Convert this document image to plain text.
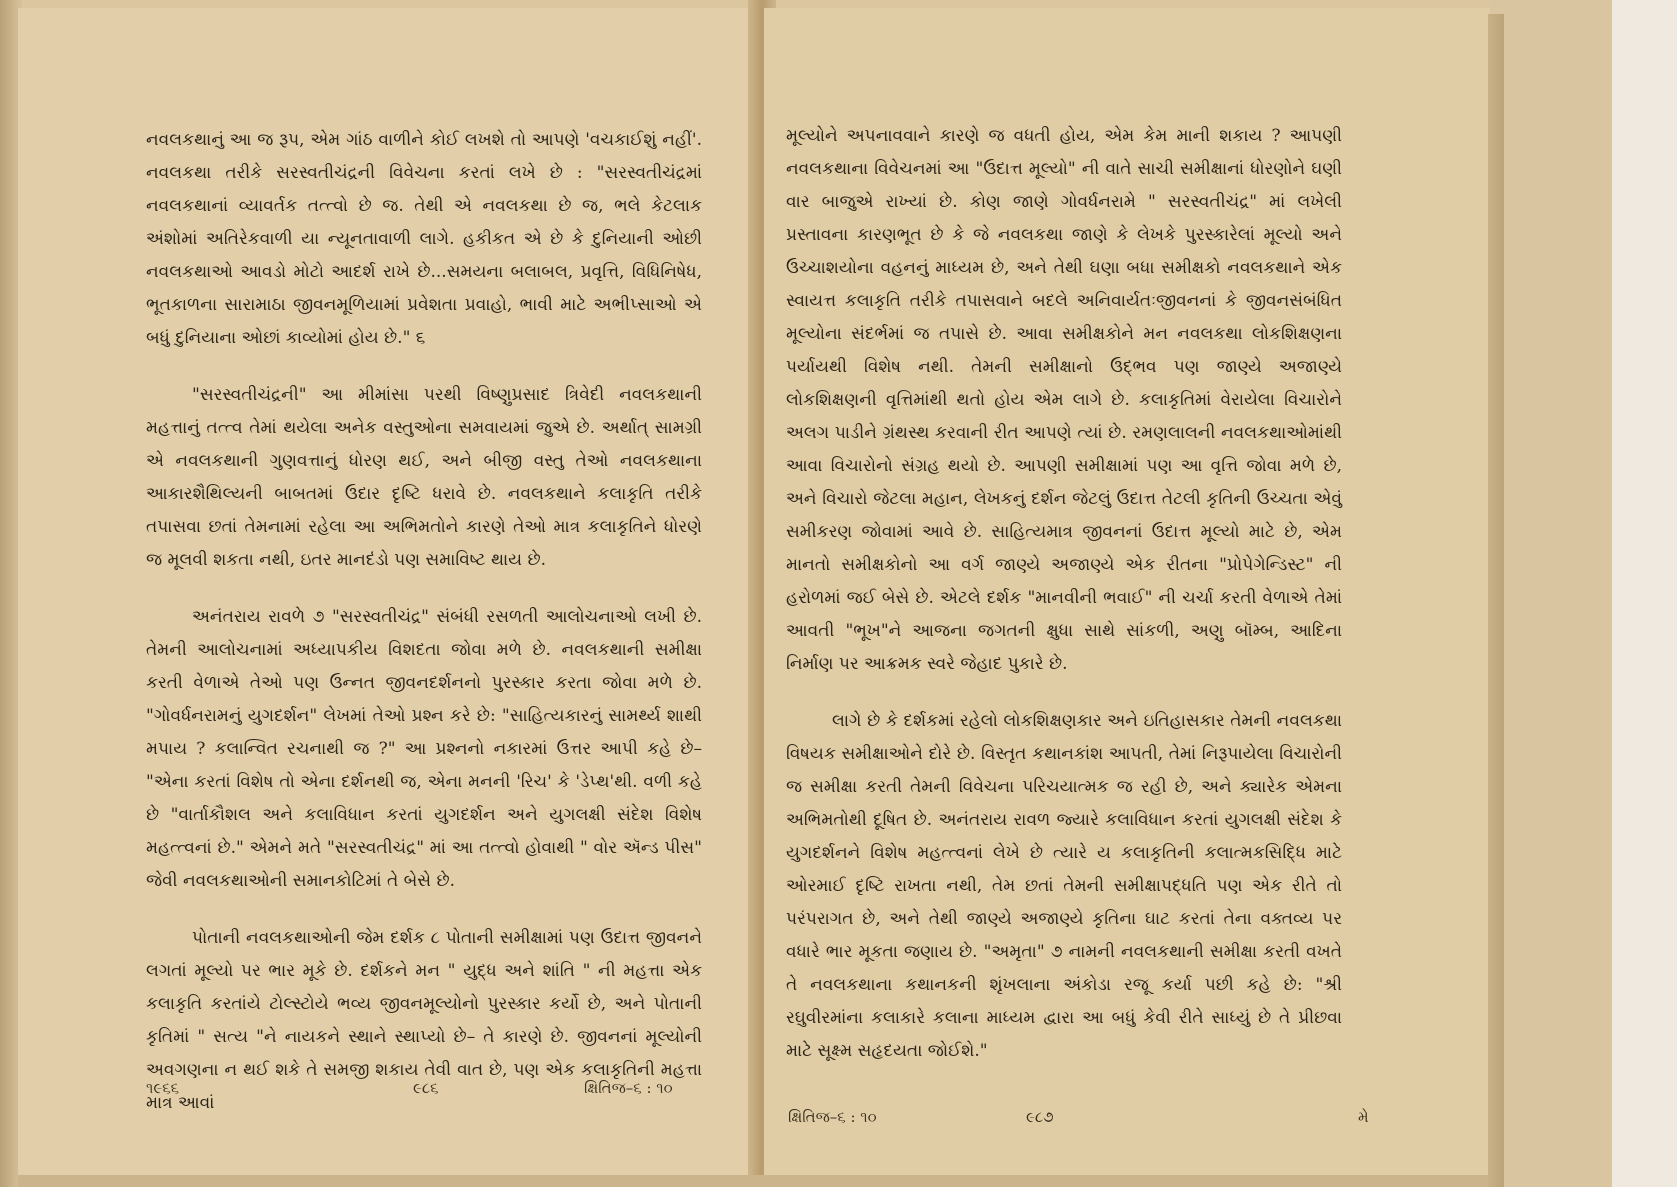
નવલકથાનું આ જ રૂપ, એમ ગાંઠ વાળીને કોઈ લખશે તો આપણે 'વચકાઈશું નહીં'. નવલકથા તરીકે સરસ્વતીચંદ્રની વિવેચના કરતાં લખે છે : "સરસ્વતીચંદ્રમાં નવલકથાનાં વ્યાવર્તક તત્ત્વો છે જ. તેથી એ નવલકથા છે જ, ભલે કેટલાક અંશોમાં અતિરેકવાળી યા ન્યૂનતાવાળી લાગે. હકીકત એ છે કે દુનિયાની ઓછી નવલકથાઓ આવડો મોટો આદર્શ રાખે છે...સમયના બલાબલ, પ્રવૃત્તિ, વિધિનિષેધ, ભૂતકાળના સારામાઠા જીવનમૂળિયામાં પ્રવેશતા પ્રવાહો, ભાવી માટે અભીપ્સાઓ એ બધું દુનિયાના ઓછાં કાવ્યોમાં હોય છે." ૬

"સરસ્વતીચંદ્રની" આ મીમાંસા પરથી વિષ્ણુપ્રસાદ ત્રિવેદી નવલકથાની મહત્તાનું તત્ત્વ તેમાં થયેલા અનેક વસ્તુઓના સમવાયમાં જુએ છે. અર્થાત્ સામગ્રી એ નવલકથાની ગુણવત્તાનું ધોરણ થઈ, અને બીજી વસ્તુ તેઓ નવલકથાના આકારશૈથિલ્યની બાબતમાં ઉદાર દૃષ્ટિ ધરાવે છે. નવલકથાને કલાકૃતિ તરીકે તપાસવા છતાં તેમનામાં રહેલા આ અભિમતોને કારણે તેઓ માત્ર કલાકૃતિને ધોરણે જ મૂલવી શકતા નથી, ઇતર માનદંડો પણ સમાવિષ્ટ થાય છે.

અનંતરાય રાવળે ૭ "સરસ્વતીચંદ્ર" સંબંધી રસળતી આલોચનાઓ લખી છે. તેમની આલોચનામાં અધ્યાપકીય વિશદતા જોવા મળે છે. નવલકથાની સમીક્ષા કરતી વેળાએ તેઓ પણ ઉન્નત જીવનદર્શનનો પુરસ્કાર કરતા જોવા મળે છે. "ગોવર્ધનરામનું યુગદર્શન" લેખમાં તેઓ પ્રશ્ન કરે છે: "સાહિત્યકારનું સામર્થ્ય શાથી મપાય ? કલાન્વિત રચનાથી જ ?" આ પ્રશ્નનો નકારમાં ઉત્તર આપી કહે છે– "એના કરતાં વિશેષ તો એના દર્શનથી જ, એના મનની 'રિચ' કે 'ડેપ્થ'થી. વળી કહે છે "વાર્તાકૌશલ અને કલાવિધાન કરતાં યુગદર્શન અને યુગલક્ષી સંદેશ વિશેષ મહત્ત્વનાં છે." એમને મતે "સરસ્વતીચંદ્ર" માં આ તત્ત્વો હોવાથી " વોર ઍન્ડ પીસ" જેવી નવલકથાઓની સમાનકોટિમાં તે બેસે છે.

પોતાની નવલકથાઓની જેમ દર્શક ૮ પોતાની સમીક્ષામાં પણ ઉદાત્ત જીવનને લગતાં મૂલ્યો પર ભાર મૂકે છે. દર્શકને મન " યુદ્ધ અને શાંતિ " ની મહત્તા એક કલાકૃતિ કરતાંયે ટોલ્સ્ટોયે ભવ્ય જીવનમૂલ્યોનો પુરસ્કાર કર્યો છે, અને પોતાની કૃતિમાં " સત્ય "ને નાયકને સ્થાને સ્થાપ્યો છે– તે કારણે છે. જીવનનાં મૂલ્યોની અવગણના ન થઈ શકે તે સમજી શકાય તેવી વાત છે, પણ એક કલાકૃતિની મહત્તા માત્ર આવાં

૧૯૬૬	૯૮૬	ક્ષિતિજ–૬ : ૧૦

મૂલ્યોને અપનાવવાને કારણે જ વધતી હોય, એમ કેમ માની શકાય ? આપણી નવલકથાના વિવેચનમાં આ "ઉદાત્ત મૂલ્યો" ની વાતે સાચી સમીક્ષાનાં ધોરણોને ઘણી વાર બાજુએ રાખ્યાં છે. કોણ જાણે ગોવર્ધનરામે " સરસ્વતીચંદ્ર" માં લખેલી પ્રસ્તાવના કારણભૂત છે કે જે નવલકથા જાણે કે લેખકે પુરસ્કારેલાં મૂલ્યો અને ઉચ્ચાશયોના વહનનું માધ્યમ છે, અને તેથી ઘણા બધા સમીક્ષકો નવલકથાને એક સ્વાયત્ત કલાકૃતિ તરીકે તપાસવાને બદલે અનિવાર્યતઃજીવનનાં કે જીવનસંબંધિત મૂલ્યોના સંદર્ભમાં જ તપાસે છે. આવા સમીક્ષકોને મન નવલકથા લોકશિક્ષણના પર્યાયથી વિશેષ નથી. તેમની સમીક્ષાનો ઉદ્ભવ પણ જાણ્યે અજાણ્યે લોકશિક્ષણની વૃત્તિમાંથી થતો હોય એમ લાગે છે. કલાકૃતિમાં વેરાયેલા વિચારોને અલગ પાડીને ગ્રંથસ્થ કરવાની રીત આપણે ત્યાં છે. રમણલાલની નવલકથાઓમાંથી આવા વિચારોનો સંગ્રહ થયો છે. આપણી સમીક્ષામાં પણ આ વૃત્તિ જોવા મળે છે, અને વિચારો જેટલા મહાન, લેખકનું દર્શન જેટલું ઉદાત્ત તેટલી કૃતિની ઉચ્ચતા એવું સમીકરણ જોવામાં આવે છે. સાહિત્યમાત્ર જીવનનાં ઉદાત્ત મૂલ્યો માટે છે, એમ માનતો સમીક્ષકોનો આ વર્ગ જાણ્યે અજાણ્યે એક રીતના "પ્રોપેગેન્ડિસ્ટ" ની હરોળમાં જઈ બેસે છે. એટલે દર્શક "માનવીની ભવાઈ" ની ચર્ચા કરતી વેળાએ તેમાં આવતી "ભૂખ"ને આજના જગતની ક્ષુધા સાથે સાંકળી, અણુ બૉમ્બ, આદિના નિર્માણ પર આક્રમક સ્વરે જેહાદ પુકારે છે.

લાગે છે કે દર્શકમાં રહેલો લોકશિક્ષણકાર અને ઇતિહાસકાર તેમની નવલકથા વિષયક સમીક્ષાઓને દોરે છે. વિસ્તૃત કથાનકાંશ આપતી, તેમાં નિરૂપાયેલા વિચારોની જ સમીક્ષા કરતી તેમની વિવેચના પરિચયાત્મક જ રહી છે, અને ક્યારેક એમના અભિમતોથી દૂષિત છે. અનંતરાય રાવળ જ્યારે કલાવિધાન કરતાં યુગલક્ષી સંદેશ કે યુગદર્શનને વિશેષ મહત્ત્વનાં લેખે છે ત્યારે ય કલાકૃતિની કલાત્મકસિદ્ધિ માટે ઓરમાઈ દૃષ્ટિ રાખતા નથી, તેમ છતાં તેમની સમીક્ષાપદ્ધતિ પણ એક રીતે તો પરંપરાગત છે, અને તેથી જાણ્યે અજાણ્યે કૃતિના ઘાટ કરતાં તેના વક્તવ્ય પર વધારે ભાર મૂકતા જણાય છે. "અમૃતા" ૭ નામની નવલકથાની સમીક્ષા કરતી વખતે તે નવલકથાના કથાનકની શૃંખલાના અંકોડા રજૂ કર્યા પછી કહે છે: "શ્રી રઘુવીરમાંના કલાકારે કલાના માધ્યમ દ્વારા આ બધું કેવી રીતે સાધ્યું છે તે પ્રીછવા માટે સૂક્ષ્મ સહૃદયતા જોઈશે."

ક્ષિતિજ–૬ : ૧૦	૯૮૭	મે
